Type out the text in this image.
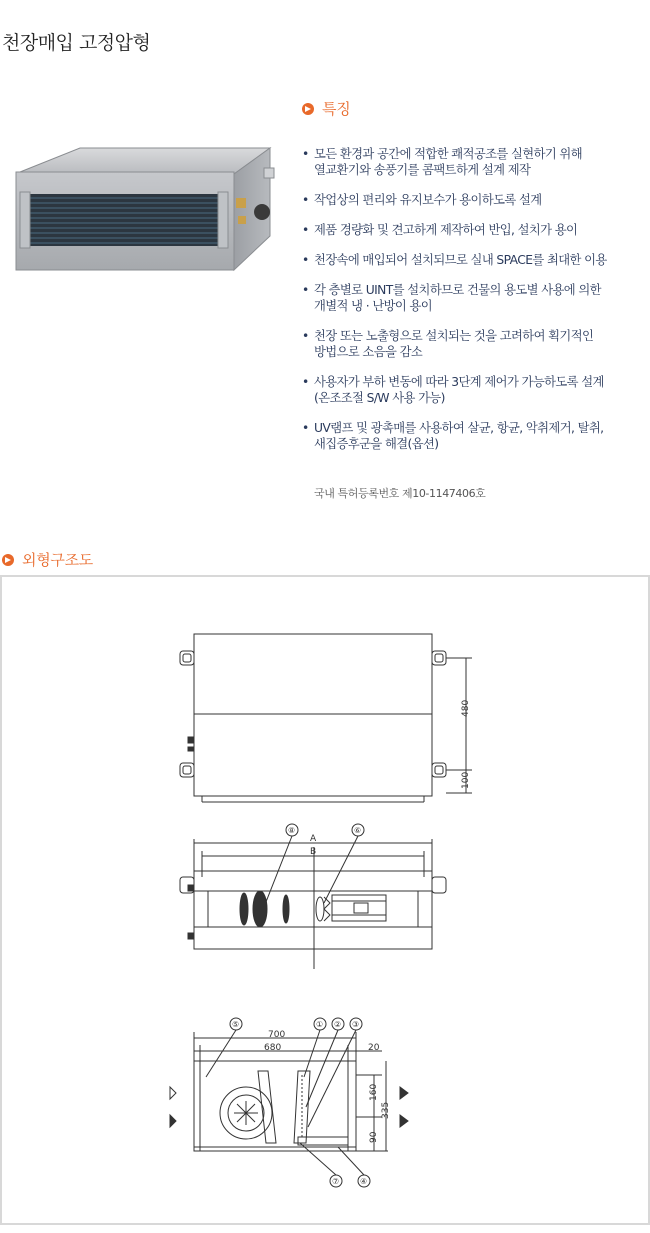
천장매입 고정압형
특징
• 모든 환경과 공간에 적합한 쾌적공조를 실현하기 위해
열교환기와 송풍기를 콤팩트하게 설계 제작
• 작업상의 편리와 유지보수가 용이하도록 설계
• 제품 경량화 및 견고하게 제작하여 반입, 설치가 용이
• 천장속에 매입되어 설치되므로 실내 SPACE를 최대한 이용
• 각 층별로 UINT를 설치하므로 건물의 용도별 사용에 의한
개별적 냉 · 난방이 용이
• 천장 또는 노출형으로 설치되는 것을 고려하여 획기적인
방법으로 소음을 감소
• 사용자가 부하 변동에 따라 3단계 제어가 가능하도록 설계
(온조조절 S/W 사용 가능)
• UV램프 및 광촉매를 사용하여 살균, 항균, 악취제거, 탈취,
새집증후군을 해결(옵션)
국내 특허등록번호 제10-1147406호
외형구조도
480
100
A
B
⑧	⑥
700
680	20
160
335
90
⑤	① ② ③
⑦	④
